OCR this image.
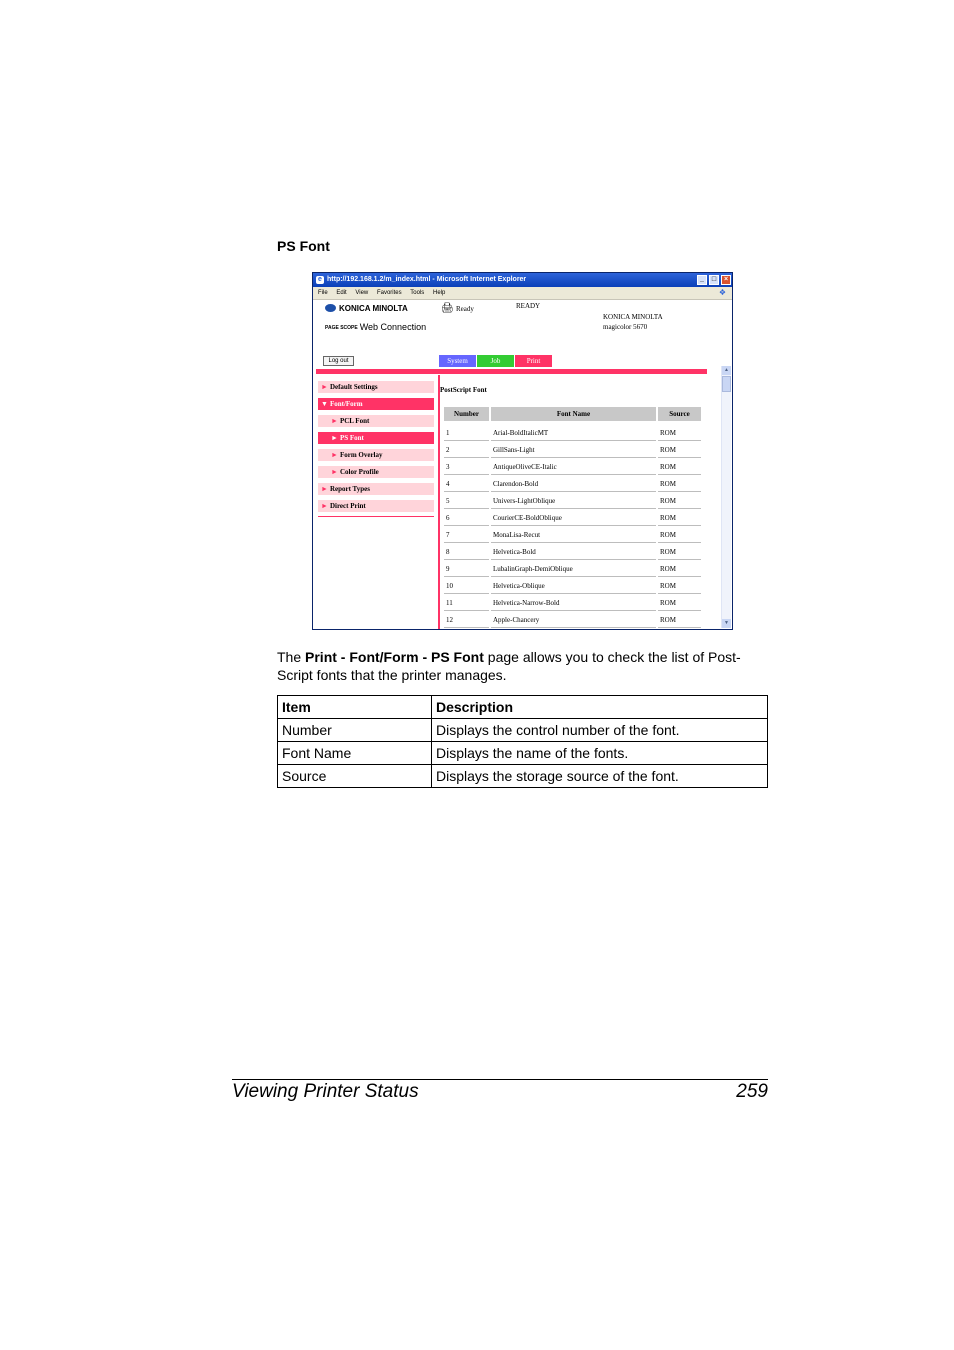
PS Font
e http://192.168.1.2/m_index.html - Microsoft Internet Explorer	_	□	×
File Edit View Favorites Tools Help	❖
KONICA MINOLTA
PAGE SCOPE Web Connection
🖨 Ready	READY
KONICA MINOLTA
magicolor 5670
Log out	System	Job	Print
▲
▼
► Default Settings
▼ Font/Form
► PCL Font
► PS Font
► Form Overlay
► Color Profile
► Report Types
► Direct Print
PostScript Font
Number	Font Name	Source
1	Arial-BoldItalicMT	ROM
2	GillSans-Light	ROM
3	AntiqueOliveCE-Italic	ROM
4	Clarendon-Bold	ROM
5	Univers-LightOblique	ROM
6	CourierCE-BoldOblique	ROM
7	MonaLisa-Recut	ROM
8	Helvetica-Bold	ROM
9	LubalinGraph-DemiOblique	ROM
10	Helvetica-Oblique	ROM
11	Helvetica-Narrow-Bold	ROM
12	Apple-Chancery	ROM
The Print - Font/Form - PS Font page allows you to check the list of Post-Script fonts that the printer manages.
Item	Description
Number	Displays the control number of the font.
Font Name	Displays the name of the fonts.
Source	Displays the storage source of the font.
Viewing Printer Status	259
